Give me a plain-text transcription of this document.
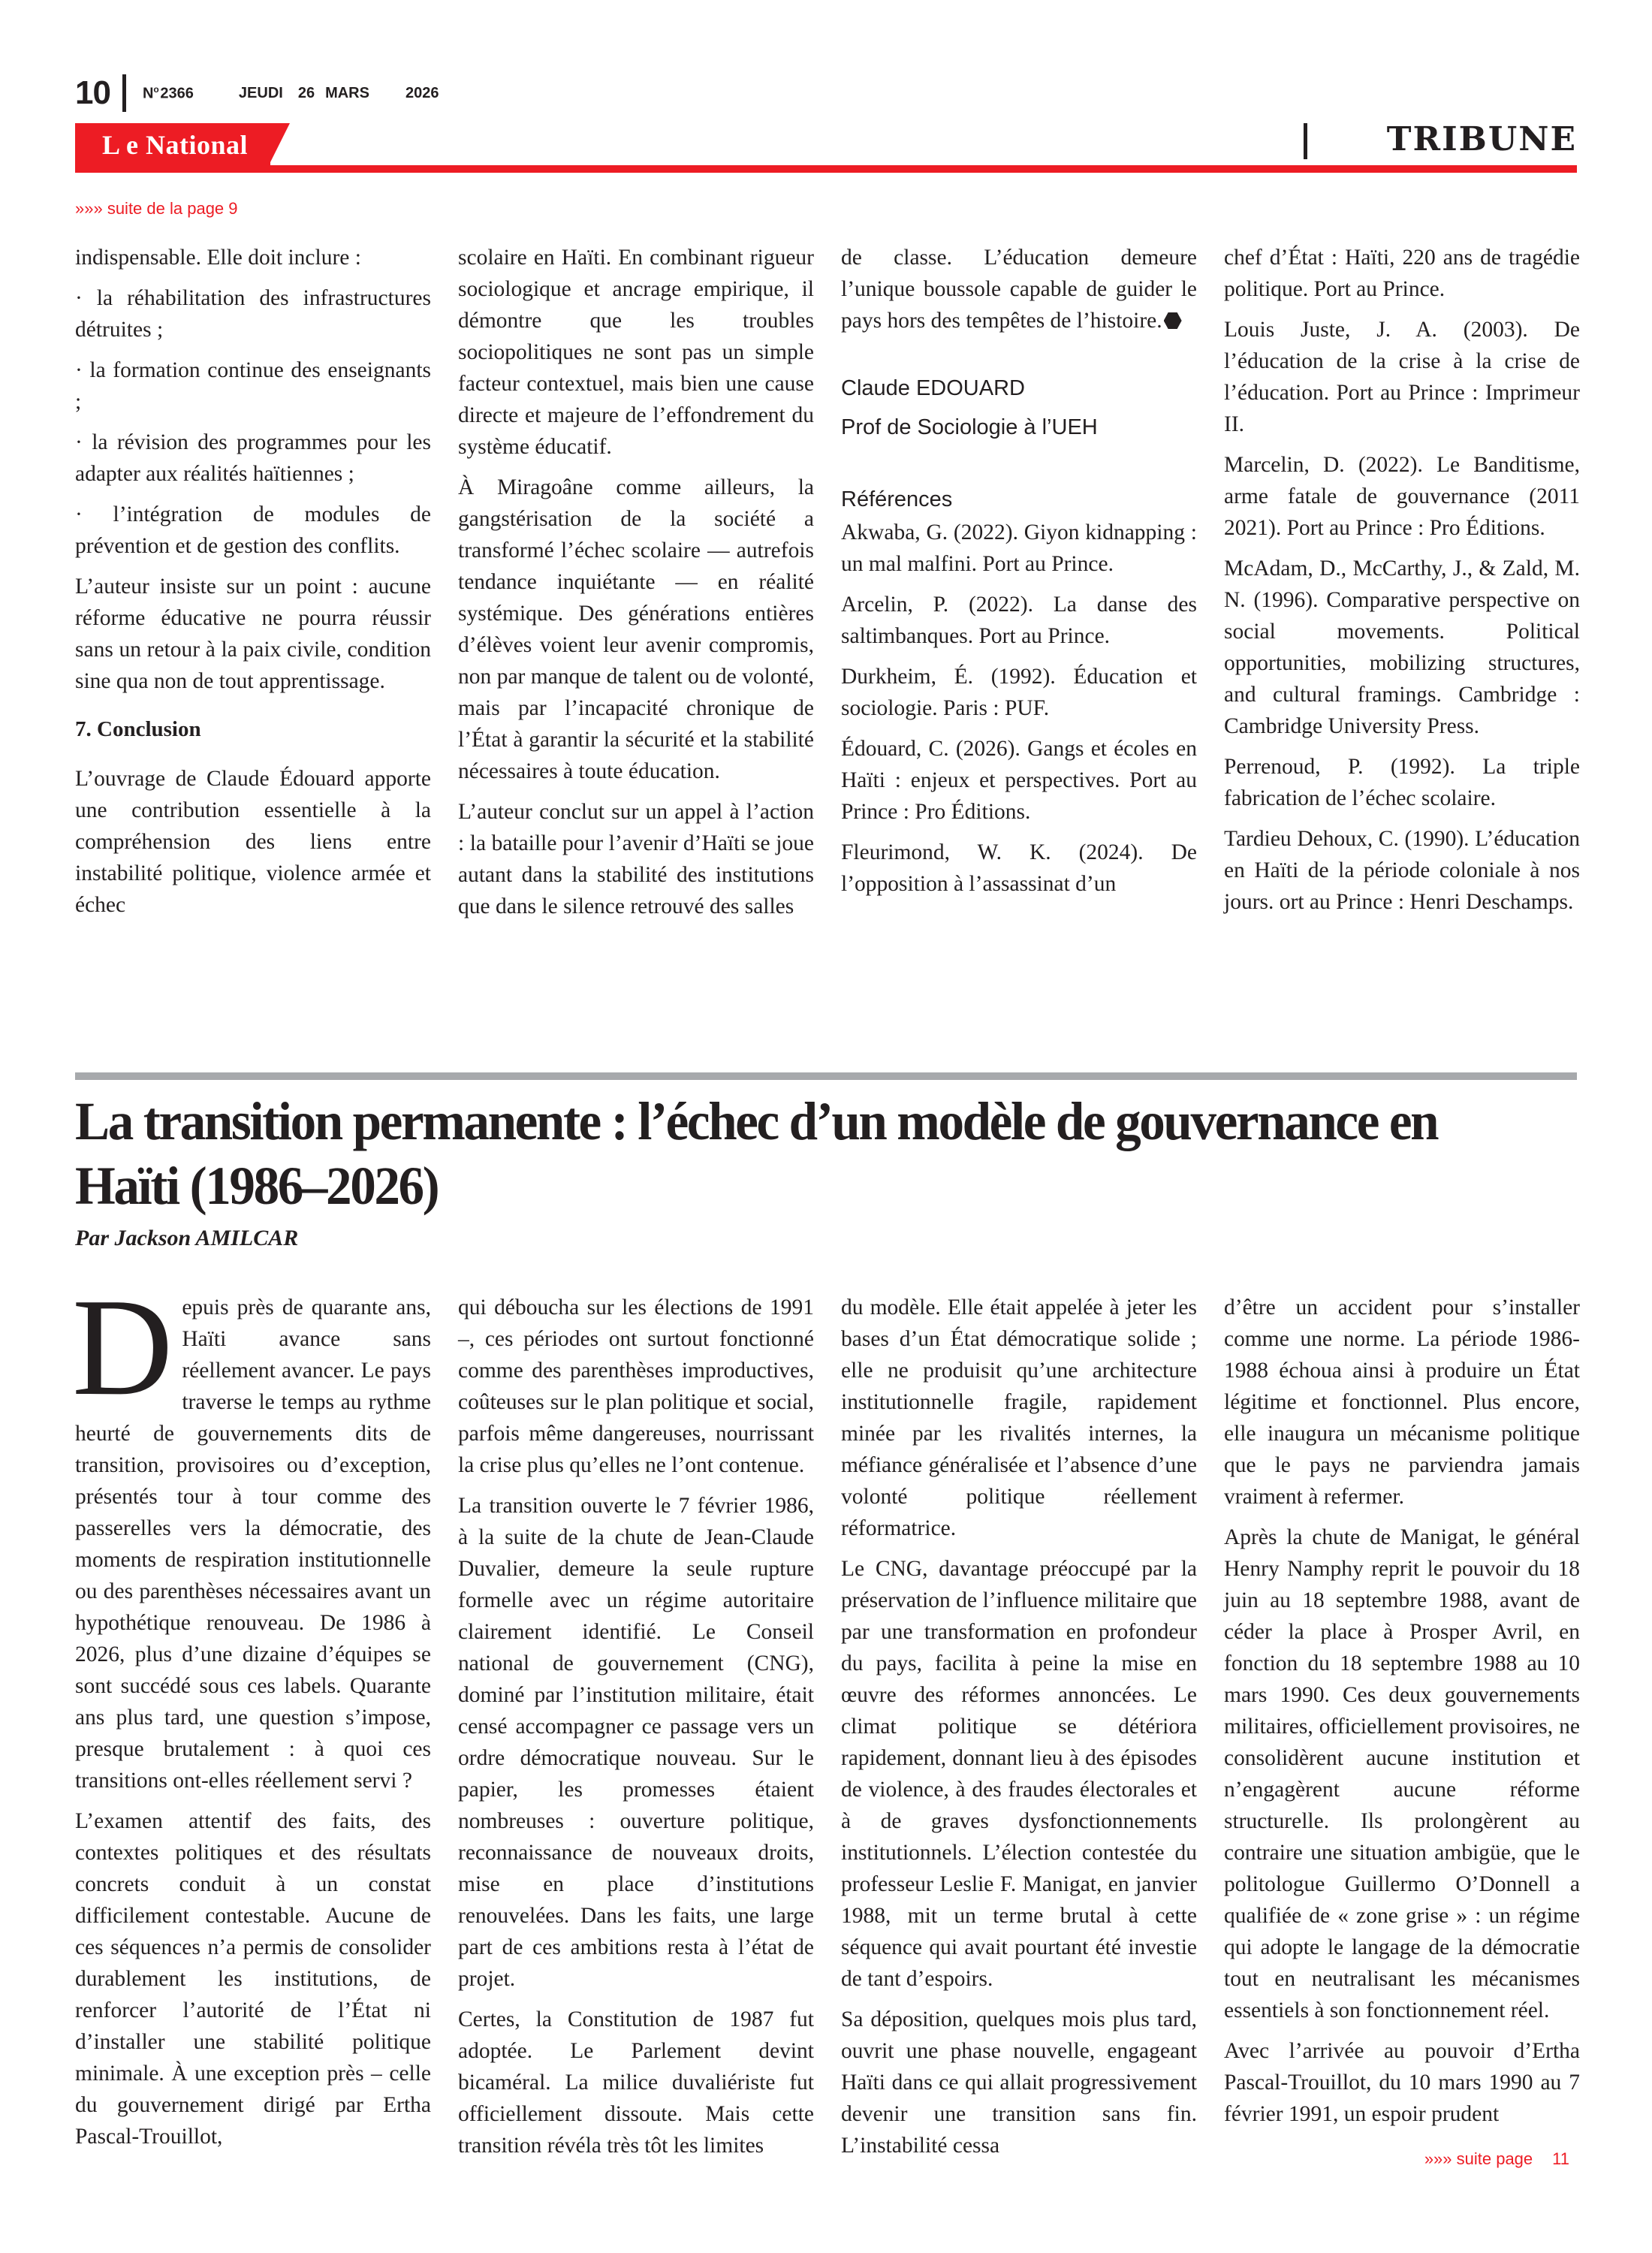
10 $N^o$ 2366	JEUDI 26 MARS 2026
L e National	TRIBUNE
»»» suite de la page 9

indispensable. Elle doit inclure :

· la réhabilitation des infrastructures détruites ;

· la formation continue des enseignants ;

· la révision des programmes pour les adapter aux réalités haïtiennes ;

· l’intégration de modules de prévention et de gestion des conflits.

L’auteur insiste sur un point : aucune réforme éducative ne pourra réussir sans un retour à la paix civile, condition sine qua non de tout apprentissage.

7. Conclusion

L’ouvrage de Claude Édouard apporte une contribution essentielle à la compréhension des liens entre instabilité politique, violence armée et échec

scolaire en Haïti. En combinant rigueur sociologique et ancrage empirique, il démontre que les troubles sociopolitiques ne sont pas un simple facteur contextuel, mais bien une cause directe et majeure de l’effondrement du système éducatif.

À Miragoâne comme ailleurs, la gangstérisation de la société a transformé l’échec scolaire — autrefois tendance inquiétante — en réalité systémique. Des générations entières d’élèves voient leur avenir compromis, non par manque de talent ou de volonté, mais par l’incapacité chronique de l’État à garantir la sécurité et la stabilité nécessaires à toute éducation.

L’auteur conclut sur un appel à l’action : la bataille pour l’avenir d’Haïti se joue autant dans la stabilité des institutions que dans le silence retrouvé des salles

de classe. L’éducation demeure l’unique boussole capable de guider le pays hors des tempêtes de l’histoire.

Claude EDOUARD
Prof de Sociologie à l’UEH
Références

Akwaba, G. (2022). Giyon kidnapping : un mal malfini. Port au Prince.

Arcelin, P. (2022). La danse des saltimbanques. Port au Prince.

Durkheim, É. (1992). Éducation et sociologie. Paris : PUF.

Édouard, C. (2026). Gangs et écoles en Haïti : enjeux et perspectives. Port au Prince : Pro Éditions.

Fleurimond, W. K. (2024). De l’opposition à l’assassinat d’un

chef d’État : Haïti, 220 ans de tragédie politique. Port au Prince.

Louis Juste, J. A. (2003). De l’éducation de la crise à la crise de l’éducation. Port au Prince : Imprimeur II.

Marcelin, D. (2022). Le Banditisme, arme fatale de gouvernance (2011 2021). Port au Prince : Pro Éditions.

McAdam, D., McCarthy, J., & Zald, M. N. (1996). Comparative perspective on social movements. Political opportunities, mobilizing structures, and cultural framings. Cambridge : Cambridge University Press.

Perrenoud, P. (1992). La triple fabrication de l’échec scolaire.

Tardieu Dehoux, C. (1990). L’éducation en Haïti de la période coloniale à nos jours. ort au Prince : Henri Deschamps.

La transition permanente : l’échec d’un modèle de gouvernance en Haïti (1986–2026)
Par Jackson AMILCAR

Depuis près de quarante ans, Haïti avance sans réellement avancer. Le pays traverse le temps au rythme heurté de gouvernements dits de transition, provisoires ou d’exception, présentés tour à tour comme des passerelles vers la démocratie, des moments de respiration institutionnelle ou des parenthèses nécessaires avant un hypothétique renouveau. De 1986 à 2026, plus d’une dizaine d’équipes se sont succédé sous ces labels. Quarante ans plus tard, une question s’impose, presque brutalement : à quoi ces transitions ont-elles réellement servi ?

L’examen attentif des faits, des contextes politiques et des résultats concrets conduit à un constat difficilement contestable. Aucune de ces séquences n’a permis de consolider durablement les institutions, de renforcer l’autorité de l’État ni d’installer une stabilité politique minimale. À une exception près – celle du gouvernement dirigé par Ertha Pascal-Trouillot,

qui déboucha sur les élections de 1991 –, ces périodes ont surtout fonctionné comme des parenthèses improductives, coûteuses sur le plan politique et social, parfois même dangereuses, nourrissant la crise plus qu’elles ne l’ont contenue.

La transition ouverte le 7 février 1986, à la suite de la chute de Jean-Claude Duvalier, demeure la seule rupture formelle avec un régime autoritaire clairement identifié. Le Conseil national de gouvernement (CNG), dominé par l’institution militaire, était censé accompagner ce passage vers un ordre démocratique nouveau. Sur le papier, les promesses étaient nombreuses : ouverture politique, reconnaissance de nouveaux droits, mise en place d’institutions renouvelées. Dans les faits, une large part de ces ambitions resta à l’état de projet.

Certes, la Constitution de 1987 fut adoptée. Le Parlement devint bicaméral. La milice duvaliériste fut officiellement dissoute. Mais cette transition révéla très tôt les limites

du modèle. Elle était appelée à jeter les bases d’un État démocratique solide ; elle ne produisit qu’une architecture institutionnelle fragile, rapidement minée par les rivalités internes, la méfiance généralisée et l’absence d’une volonté politique réellement réformatrice.

Le CNG, davantage préoccupé par la préservation de l’influence militaire que par une transformation en profondeur du pays, facilita à peine la mise en œuvre des réformes annoncées. Le climat politique se détériora rapidement, donnant lieu à des épisodes de violence, à des fraudes électorales et à de graves dysfonctionnements institutionnels. L’élection contestée du professeur Leslie F. Manigat, en janvier 1988, mit un terme brutal à cette séquence qui avait pourtant été investie de tant d’espoirs.

Sa déposition, quelques mois plus tard, ouvrit une phase nouvelle, engageant Haïti dans ce qui allait progressivement devenir une transition sans fin. L’instabilité cessa

d’être un accident pour s’installer comme une norme. La période 1986-1988 échoua ainsi à produire un État légitime et fonctionnel. Plus encore, elle inaugura un mécanisme politique que le pays ne parviendra jamais vraiment à refermer.

Après la chute de Manigat, le général Henry Namphy reprit le pouvoir du 18 juin au 18 septembre 1988, avant de céder la place à Prosper Avril, en fonction du 18 septembre 1988 au 10 mars 1990. Ces deux gouvernements militaires, officiellement provisoires, ne consolidèrent aucune institution et n’engagèrent aucune réforme structurelle. Ils prolongèrent au contraire une situation ambigüe, que le politologue Guillermo O’Donnell a qualifiée de « zone grise » : un régime qui adopte le langage de la démocratie tout en neutralisant les mécanismes essentiels à son fonctionnement réel.

Avec l’arrivée au pouvoir d’Ertha Pascal-Trouillot, du 10 mars 1990 au 7 février 1991, un espoir prudent

»»» suite page 11
